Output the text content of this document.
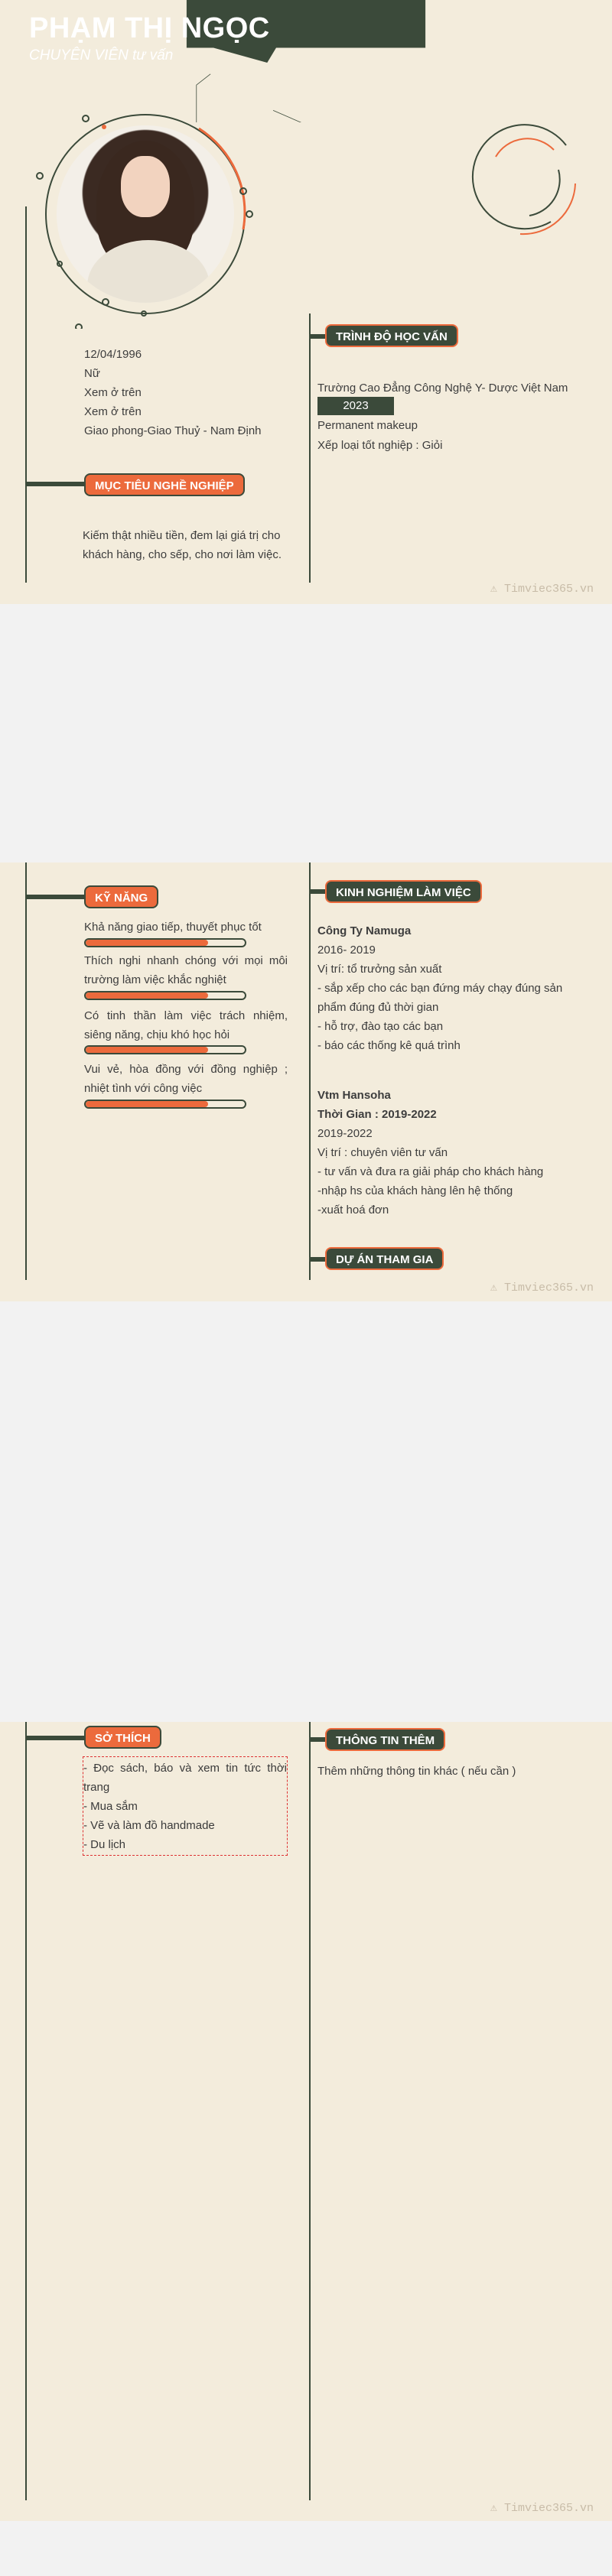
PHẠM THỊ NGỌC
CHUYÊN VIÊN tư vấn
12/04/1996
Nữ
Xem ở trên
Xem ở trên
Giao phong-Giao Thuỷ - Nam Định
MỤC TIÊU NGHỀ NGHIỆP
Kiếm thật nhiều tiền, đem lại giá trị cho khách hàng, cho sếp, cho nơi làm việc.
TRÌNH ĐỘ HỌC VẤN
Trường Cao Đẳng Công Nghệ Y- Dược Việt Nam
2023
Permanent makeup
Xếp loại tốt nghiệp : Giỏi
⚠ Timviec365.vn
KỸ NĂNG
Khả năng giao tiếp, thuyết phục tốt
Thích nghi nhanh chóng với mọi môi trường làm việc khắc nghiệt
Có tinh thần làm việc trách nhiệm, siêng năng, chịu khó học hỏi
Vui vẻ, hòa đồng với đồng nghiệp ; nhiệt tình với công việc
KINH NGHIỆM LÀM VIỆC
Công Ty Namuga
2016- 2019
Vị trí: tổ trưởng sản xuất
- sắp xếp cho các bạn đứng máy chạy đúng sản phẩm đúng đủ thời gian
- hỗ trợ, đào tạo các bạn
- báo các thống kê quá trình
Vtm Hansoha
Thời Gian : 2019-2022
2019-2022
Vị trí : chuyên viên tư vấn
- tư vấn và đưa ra giải pháp cho khách hàng
-nhập hs của khách hàng lên hệ thống
-xuất hoá đơn
DỰ ÁN THAM GIA
⚠ Timviec365.vn
SỞ THÍCH	THÔNG TIN THÊM
Thêm những thông tin khác ( nếu cần )
- Đọc sách, báo và xem tin tức thời trang
- Mua sắm
- Vẽ và làm đồ handmade
- Du lịch
⚠ Timviec365.vn
